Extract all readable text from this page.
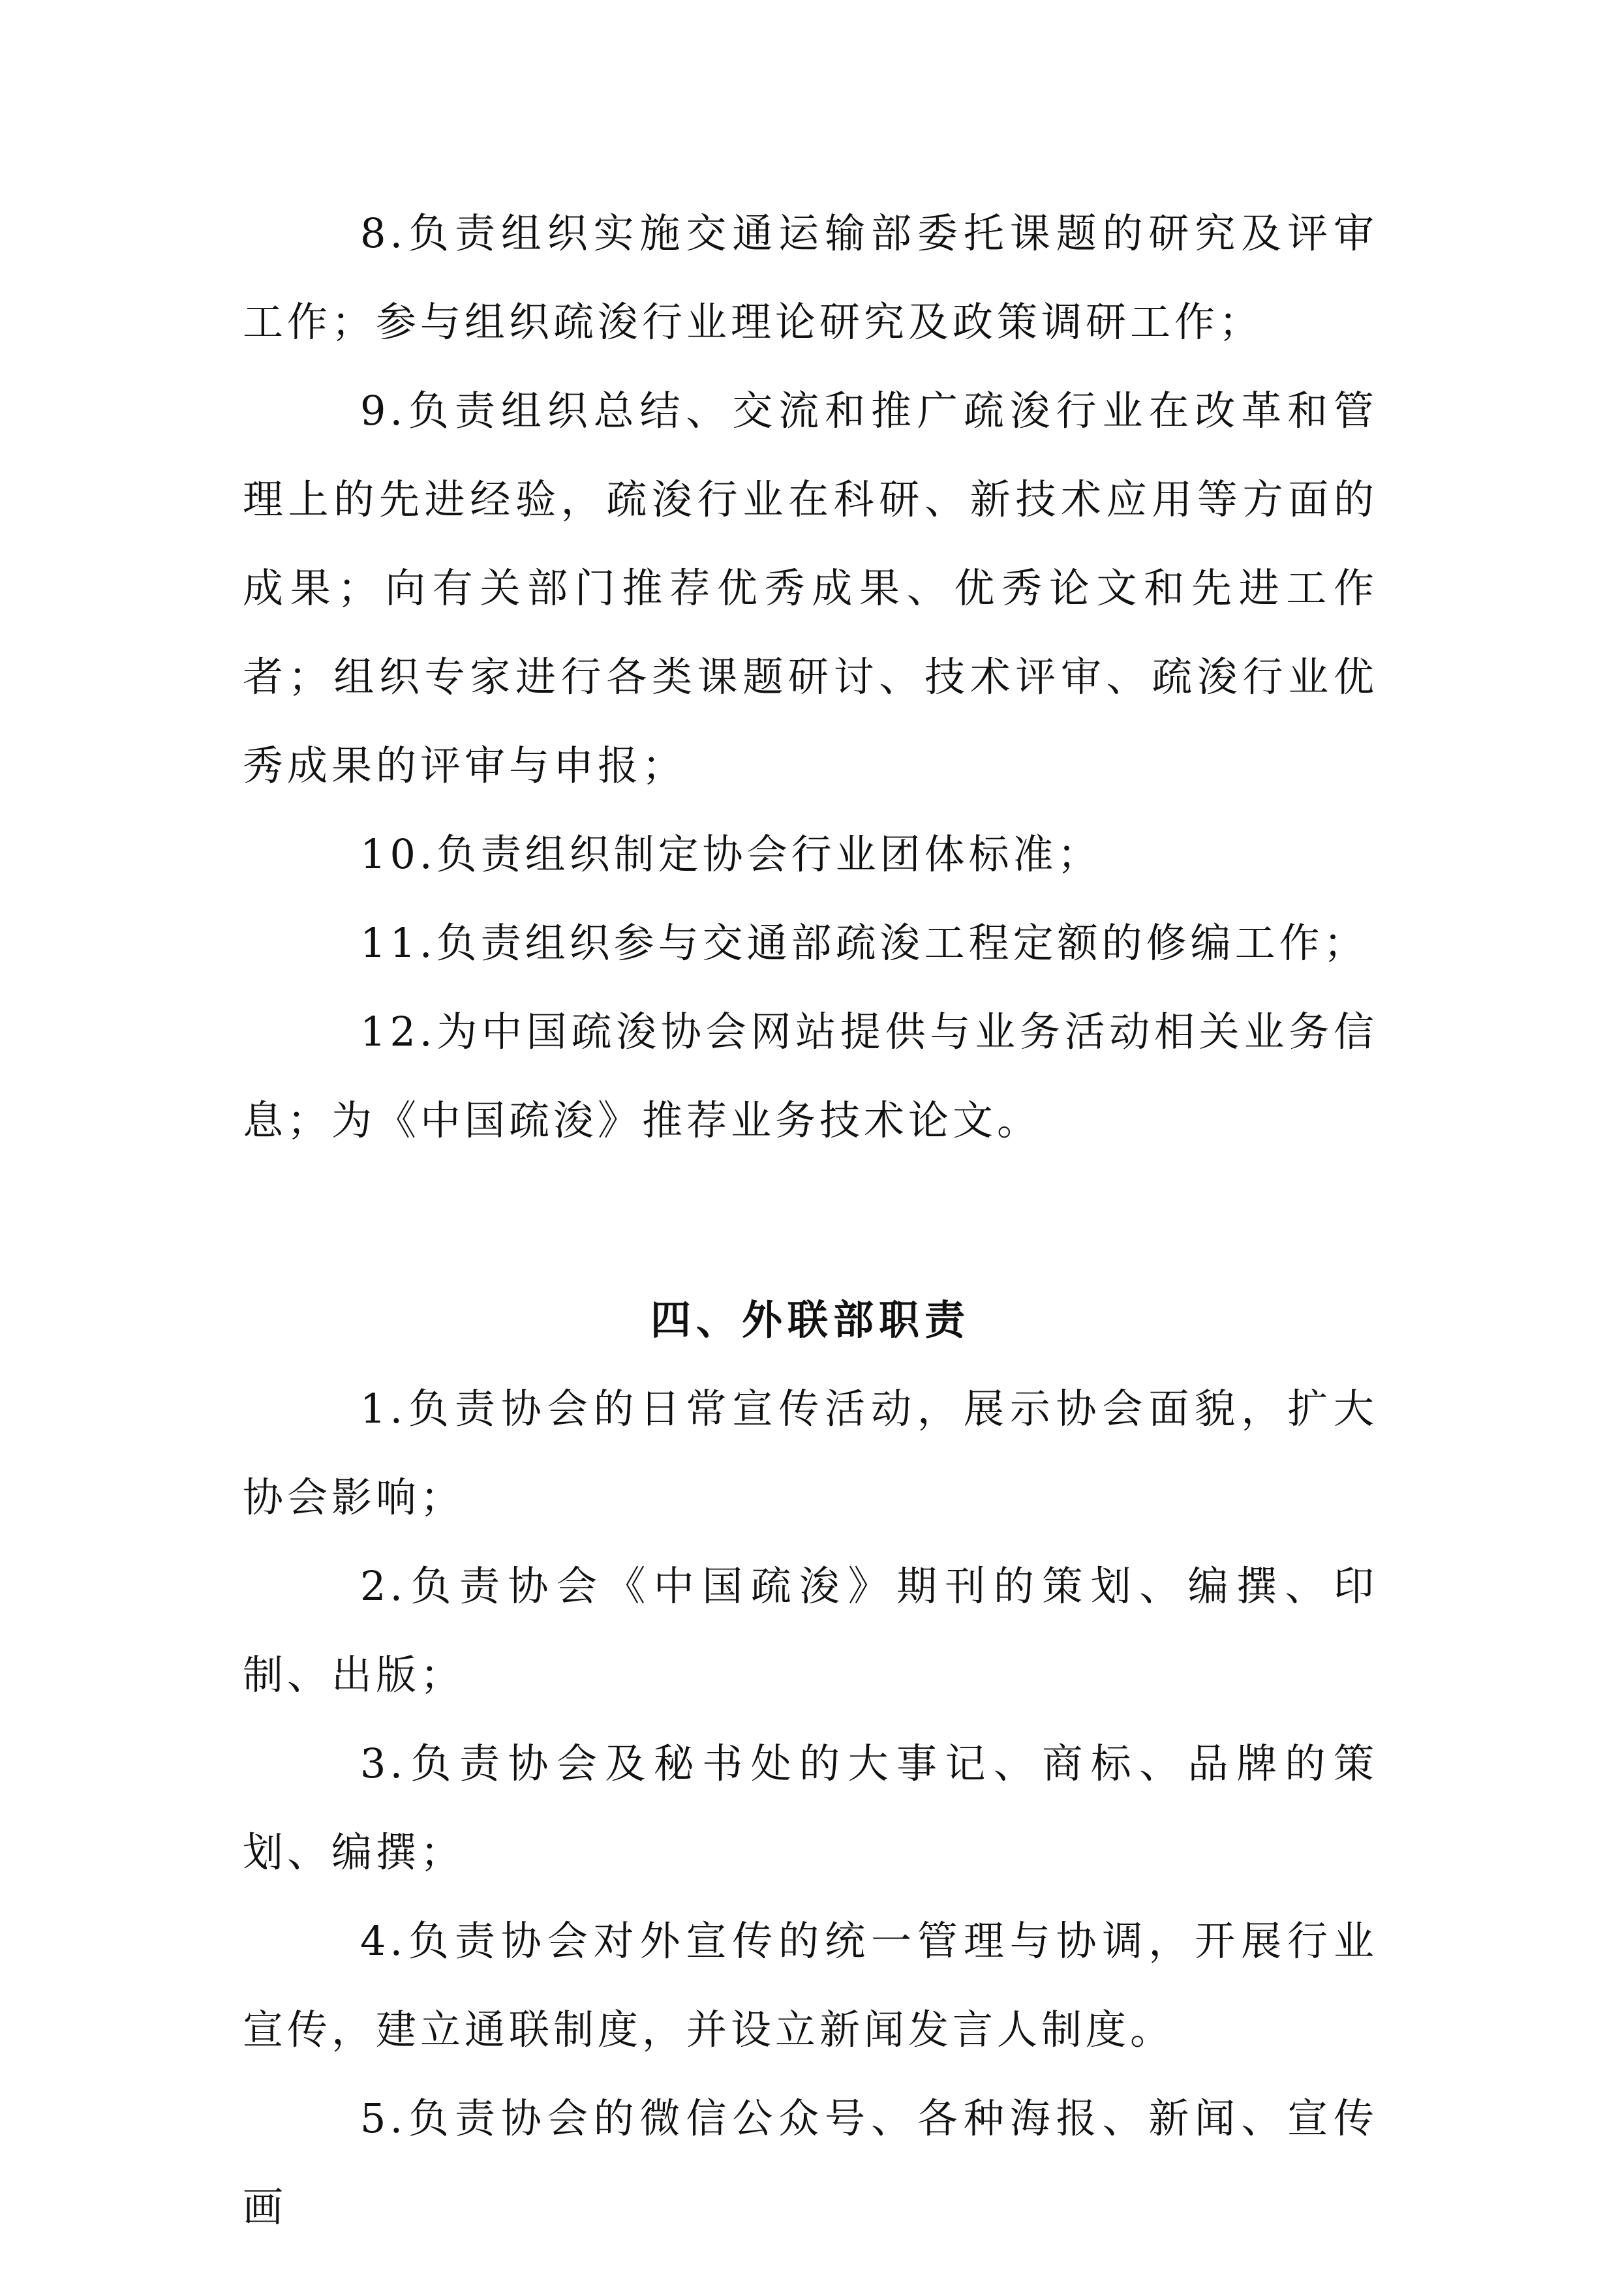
8.负责组织实施交通运输部委托课题的研究及评审工作；参与组织疏浚行业理论研究及政策调研工作；

9.负责组织总结、交流和推广疏浚行业在改革和管理上的先进经验，疏浚行业在科研、新技术应用等方面的成果；向有关部门推荐优秀成果、优秀论文和先进工作者；组织专家进行各类课题研讨、技术评审、疏浚行业优秀成果的评审与申报；

10.负责组织制定协会行业团体标准；

11.负责组织参与交通部疏浚工程定额的修编工作；

12.为中国疏浚协会网站提供与业务活动相关业务信息；为《中国疏浚》推荐业务技术论文。

四、外联部职责

1.负责协会的日常宣传活动，展示协会面貌，扩大协会影响；

2.负责协会《中国疏浚》期刊的策划、编撰、印制、出版；

3.负责协会及秘书处的大事记、商标、品牌的策划、编撰；

4.负责协会对外宣传的统一管理与协调，开展行业宣传，建立通联制度，并设立新闻发言人制度。

5.负责协会的微信公众号、各种海报、新闻、宣传画
